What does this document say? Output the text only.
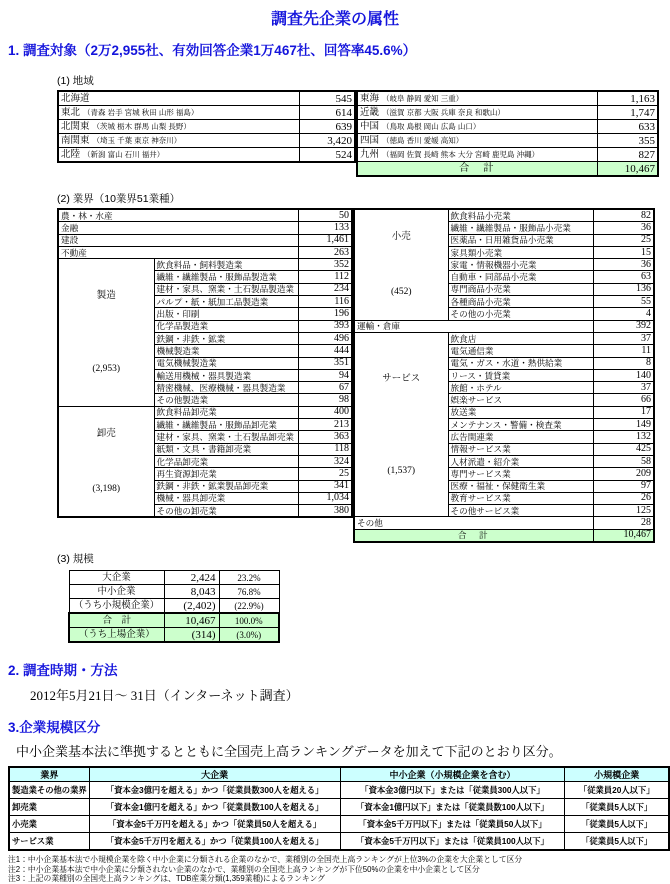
調査先企業の属性
1. 調査対象（2万2,955社、有効回答企業1万467社、回答率45.6%）
(1) 地域
北海道	545
東北 （青森 岩手 宮城 秋田 山形 福島）	614
北関東 （茨城 栃木 群馬 山梨 長野）	639
南関東 （埼玉 千葉 東京 神奈川）	3,420
北陸 （新潟 富山 石川 福井）	524
東海 （岐阜 静岡 愛知 三重）	1,163
近畿 （滋賀 京都 大阪 兵庫 奈良 和歌山）	1,747
中国 （鳥取 島根 岡山 広島 山口）	633
四国 （徳島 香川 愛媛 高知）	355
九州 （福岡 佐賀 長崎 熊本 大分 宮崎 鹿児島 沖縄）	827
合　計	10,467
(2) 業界（10業界51業種）
農・林・水産		50
金融		133
建設		1,461
不動産		263

製造
(2,953)	飲食料品・飼料製造業	352
	繊維・繊維製品・服飾品製造業	112
	建材・家具、窯業・土石製品製造業	234
	パルプ・紙・紙加工品製造業	116
	出版・印刷	196
	化学品製造業	393
	鉄鋼・非鉄・鉱業	496
	機械製造業	444
	電気機械製造業	351
	輸送用機械・器具製造業	94
	精密機械、医療機械・器具製造業	67
	その他製造業	98

卸売
(3,198)	飲食料品卸売業	400
	繊維・繊維製品・服飾品卸売業	213
	建材・家具、窯業・土石製品卸売業	363
	紙類・文具・書籍卸売業	118
	化学品卸売業	324
	再生資源卸売業	25
	鉄鋼・非鉄・鉱業製品卸売業	341
	機械・器具卸売業	1,034
	その他の卸売業	380
小売
(452)	飲食料品小売業	82
	繊維・繊維製品・服飾品小売業	36
	医薬品・日用雑貨品小売業	25
	家具類小売業	15
	家電・情報機器小売業	36
	自動車・同部品小売業	63
	専門商品小売業	136
	各種商品小売業	55
	その他の小売業	4
運輸・倉庫		392

サービス
(1,537)	飲食店	37
	電気通信業	11
	電気・ガス・水道・熱供給業	8
	リース・賃貸業	140
	旅館・ホテル	37
	娯楽サービス	66
	放送業	17
	メンテナンス・警備・検査業	149
	広告関連業	132
	情報サービス業	425
	人材派遣・紹介業	58
	専門サービス業	209
	医療・福祉・保健衛生業	97
	教育サービス業	26
	その他サービス業	125
その他		28
合　計		10,467
(3) 規模
大企業	2,424	23.2%
中小企業	8,043	76.8%
（うち小規模企業）	(2,402)	(22.9%)
合　計	10,467	100.0%
（うち上場企業）	(314)	(3.0%)
2. 調査時期・方法
2012年5月21日～ 31日（インターネット調査）
3.企業規模区分
中小企業基本法に準拠するとともに全国売上高ランキングデータを加えて下記のとおり区分。
業界	大企業	中小企業（小規模企業を含む）	小規模企業
製造業その他の業界	「資本金3億円を超える」かつ「従業員数300人を超える」	「資本金3億円以下」または「従業員300人以下」	「従業員20人以下」
卸売業	「資本金1億円を超える」かつ「従業員数100人を超える」	「資本金1億円以下」または「従業員数100人以下」	「従業員5人以下」
小売業	「資本金5千万円を超える」かつ「従業員50人を超える」	「資本金5千万円以下」または「従業員50人以下」	「従業員5人以下」
サービス業	「資本金5千万円を超える」かつ「従業員100人を超える」	「資本金5千万円以下」または「従業員100人以下」	「従業員5人以下」
注1：中小企業基本法で小規模企業を除く中小企業に分類される企業のなかで、業種別の全国売上高ランキングが上位3%の企業を大企業として区分
注2：中小企業基本法で中小企業に分類されない企業のなかで、業種別の全国売上高ランキングが下位50%の企業を中小企業として区分
注3：上記の業種別の全国売上高ランキングは、TDB産業分類(1,359業種)によるランキング
